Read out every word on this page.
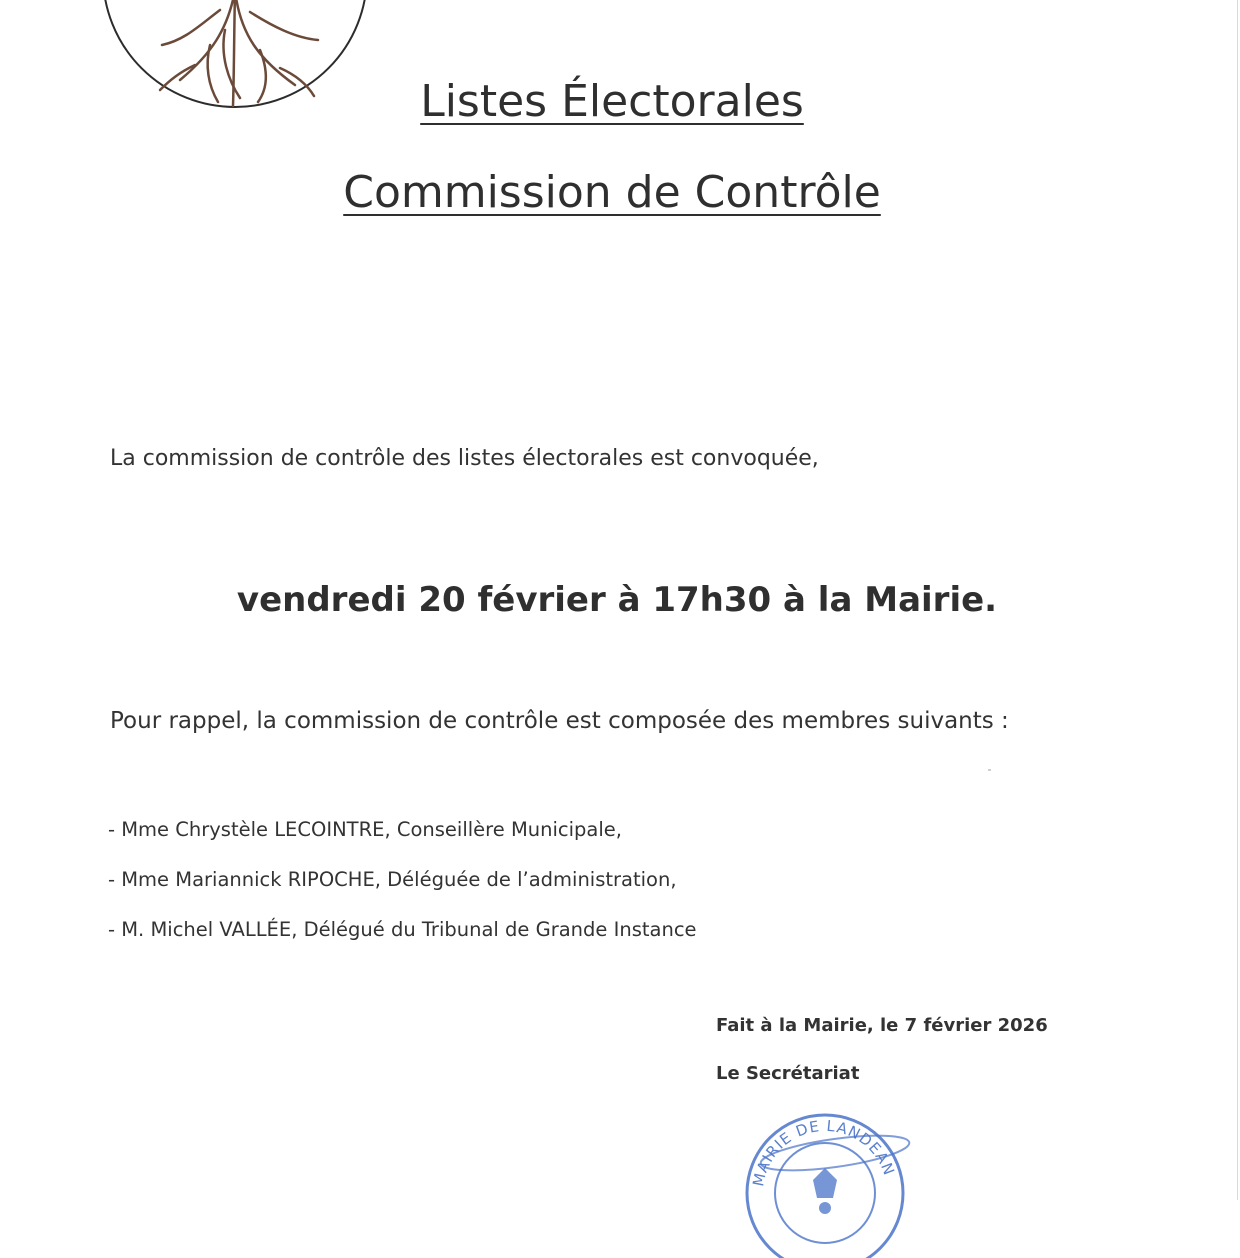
Listes Électorales
Commission de Contrôle
La commission de contrôle des listes électorales est convoquée,
vendredi 20 février à 17h30 à la Mairie.
Pour rappel, la commission de contrôle est composée des membres suivants :
- Mme Chrystèle LECOINTRE, Conseillère Municipale,
- Mme Mariannick RIPOCHE, Déléguée de l’administration,
- M. Michel VALLÉE, Délégué du Tribunal de Grande Instance
Fait à la Mairie, le 7 février 2026
Le Secrétariat
MAIRIE DE LANDEAN
